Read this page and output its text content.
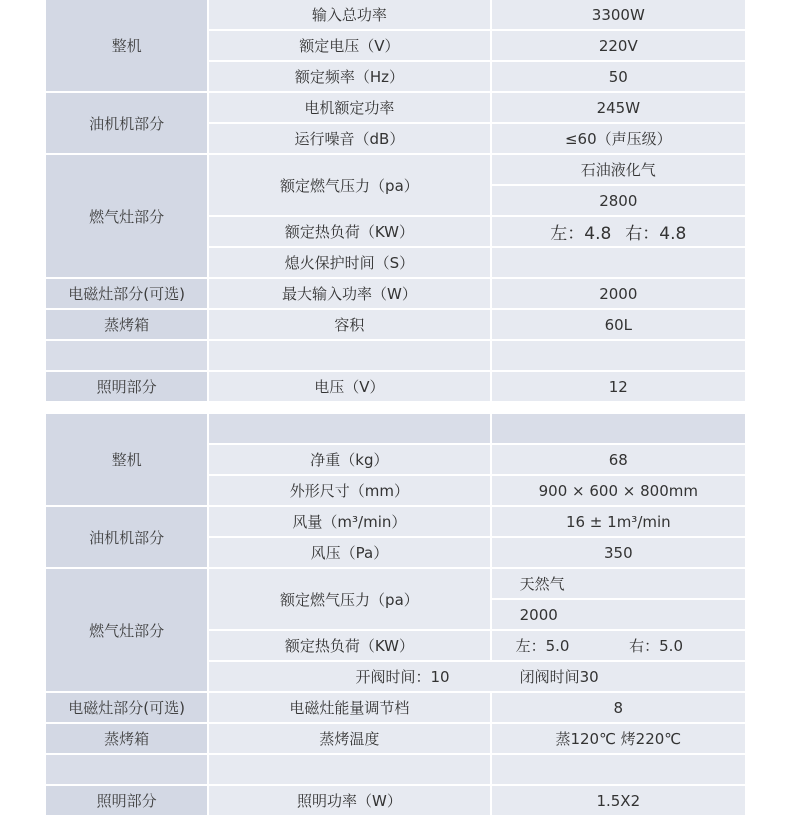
整机	输入总功率	3300W
	额定电压（V）	220V
	额定频率（Hz）	50
油机机部分	电机额定功率	245W
	运行噪音（dB）	≤60（声压级）
燃气灶部分	额定燃气压力（pa）	石油液化气
		2800
	额定热负荷（KW）	左：4.8 右：4.8

	熄火保护时间（S）	
电磁灶部分(可选)	最大输入功率（W）	2000
蒸烤箱	容积	60L

照明部分	电压（V）	12
整机		
	净重（kg）	68
	外形尺寸（mm）	900 × 600 × 800mm
油机机部分	风量（m³/min）	16 ± 1m³/min
	风压（Pa）	350
燃气灶部分	额定燃气压力（pa）	天然气
		2000
	额定热负荷（KW）	左：5.0 右：5.0

	开阀时间：10 闭阀时间30	

电磁灶部分(可选)	电磁灶能量调节档	8
蒸烤箱	蒸烤温度	蒸120℃ 烤220℃

照明部分	照明功率（W）	1.5X2
